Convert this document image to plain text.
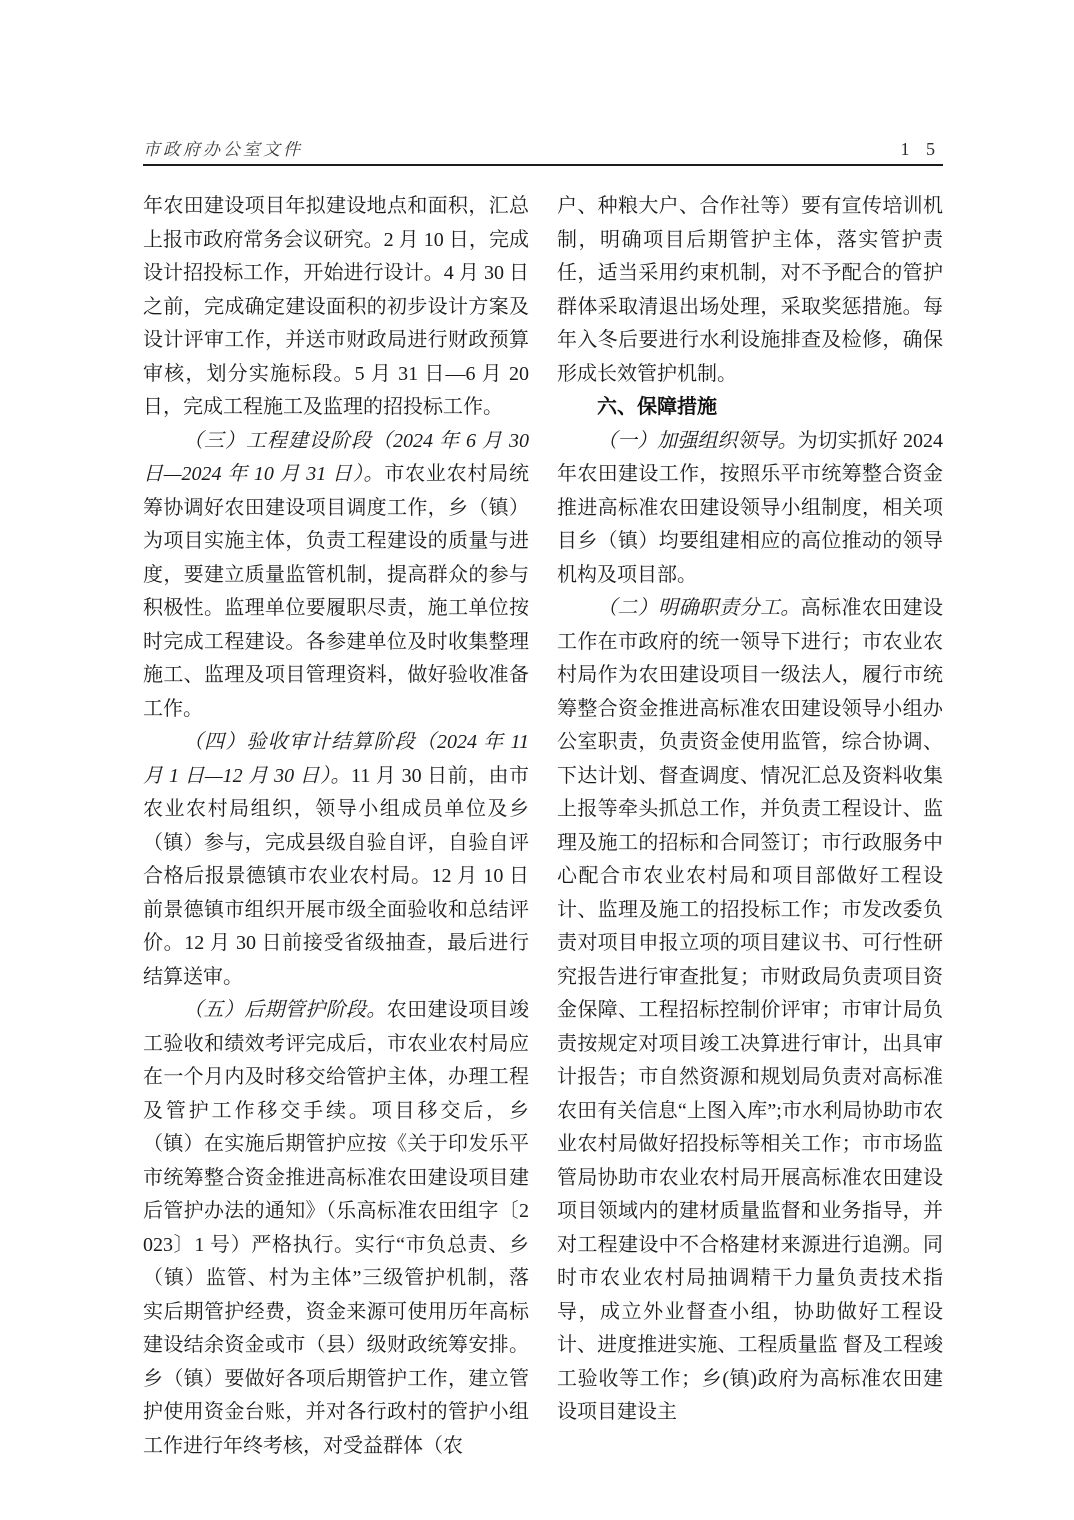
市政府办公室文件	1 5

年农田建设项目年拟建设地点和面积，汇总上报市政府常务会议研究。2 月 10 日，完成设计招投标工作，开始进行设计。4 月 30 日之前，完成确定建设面积的初步设计方案及设计评审工作，并送市财政局进行财政预算审核，划分实施标段。5 月 31 日—6 月 20 日，完成工程施工及监理的招投标工作。

（三）工程建设阶段（2024 年 6 月 30 日—2024 年 10 月 31 日）。市农业农村局统筹协调好农田建设项目调度工作，乡（镇）为项目实施主体，负责工程建设的质量与进度，要建立质量监管机制，提高群众的参与积极性。监理单位要履职尽责，施工单位按时完成工程建设。各参建单位及时收集整理施工、监理及项目管理资料，做好验收准备工作。

（四）验收审计结算阶段（2024 年 11 月 1 日—12 月 30 日）。11 月 30 日前，由市农业农村局组织，领导小组成员单位及乡（镇）参与，完成县级自验自评，自验自评合格后报景德镇市农业农村局。12 月 10 日前景德镇市组织开展市级全面验收和总结评价。12 月 30 日前接受省级抽查，最后进行结算送审。

（五）后期管护阶段。农田建设项目竣工验收和绩效考评完成后，市农业农村局应在一个月内及时移交给管护主体，办理工程及管护工作移交手续。项目移交后，乡（镇）在实施后期管护应按《关于印发乐平市统筹整合资金推进高标准农田建设项目建后管护办法的通知》（乐高标准农田组字〔2023〕1 号）严格执行。实行“市负总责、乡（镇）监管、村为主体”三级管护机制，落实后期管护经费，资金来源可使用历年高标建设结余资金或市（县）级财政统筹安排。乡（镇）要做好各项后期管护工作，建立管护使用资金台账，并对各行政村的管护小组工作进行年终考核，对受益群体（农

户、种粮大户、合作社等）要有宣传培训机制，明确项目后期管护主体，落实管护责任，适当采用约束机制，对不予配合的管护群体采取清退出场处理，采取奖惩措施。每年入冬后要进行水利设施排查及检修，确保形成长效管护机制。

六、保障措施

（一）加强组织领导。为切实抓好 2024 年农田建设工作，按照乐平市统筹整合资金推进高标准农田建设领导小组制度，相关项目乡（镇）均要组建相应的高位推动的领导机构及项目部。

（二）明确职责分工。高标准农田建设工作在市政府的统一领导下进行；市农业农村局作为农田建设项目一级法人，履行市统筹整合资金推进高标准农田建设领导小组办公室职责，负责资金使用监管，综合协调、下达计划、督查调度、情况汇总及资料收集上报等牵头抓总工作，并负责工程设计、监理及施工的招标和合同签订；市行政服务中心配合市农业农村局和项目部做好工程设计、监理及施工的招投标工作；市发改委负责对项目申报立项的项目建议书、可行性研究报告进行审查批复；市财政局负责项目资金保障、工程招标控制价评审；市审计局负责按规定对项目竣工决算进行审计，出具审计报告；市自然资源和规划局负责对高标准农田有关信息“上图入库”;市水利局协助市农业农村局做好招投标等相关工作；市市场监管局协助市农业农村局开展高标准农田建设项目领域内的建材质量监督和业务指导，并对工程建设中不合格建材来源进行追溯。同时市农业农村局抽调精干力量负责技术指导，成立外业督查小组，协助做好工程设计、进度推进实施、工程质量监 督及工程竣工验收等工作；乡(镇)政府为高标准农田建设项目建设主
